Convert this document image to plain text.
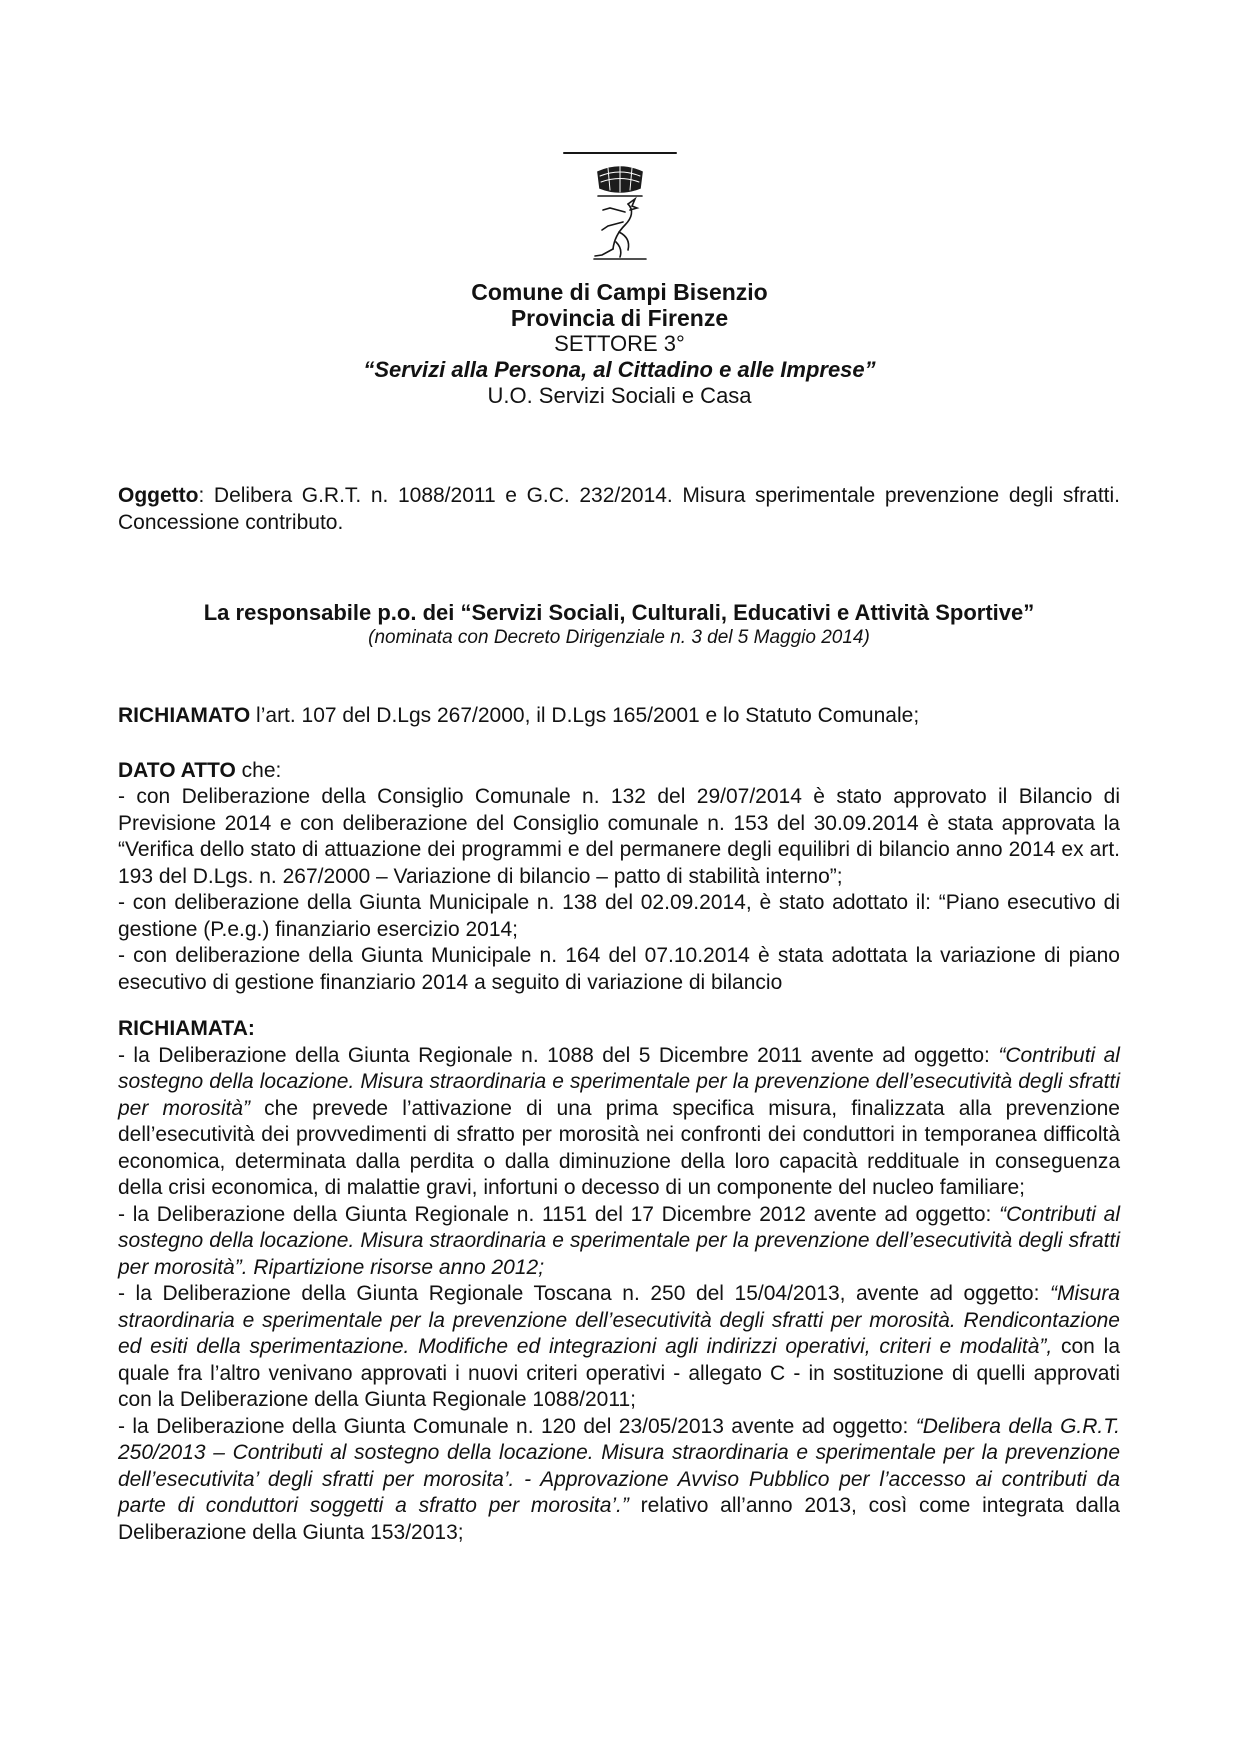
Comune di Campi Bisenzio
Provincia di Firenze
SETTORE 3°
“Servizi alla Persona, al Cittadino e alle Imprese”
U.O. Servizi Sociali e Casa

Oggetto: Delibera G.R.T. n. 1088/2011 e G.C. 232/2014. Misura sperimentale prevenzione degli sfratti. Concessione contributo.

La responsabile p.o. dei “Servizi Sociali, Culturali, Educativi e Attività Sportive”
(nominata con Decreto Dirigenziale n. 3 del 5 Maggio 2014)

RICHIAMATO l’art. 107 del D.Lgs 267/2000, il D.Lgs 165/2001 e lo Statuto Comunale;

DATO ATTO che:

- con Deliberazione della Consiglio Comunale n. 132 del 29/07/2014 è stato approvato il Bilancio di Previsione 2014 e con deliberazione del Consiglio comunale n. 153 del 30.09.2014 è stata approvata la “Verifica dello stato di attuazione dei programmi e del permanere degli equilibri di bilancio anno 2014 ex art. 193 del D.Lgs. n. 267/2000 – Variazione di bilancio – patto di stabilità interno”;

- con deliberazione della Giunta Municipale n. 138 del 02.09.2014, è stato adottato il: “Piano esecutivo di gestione (P.e.g.) finanziario esercizio 2014;

- con deliberazione della Giunta Municipale n. 164 del 07.10.2014 è stata adottata la variazione di piano esecutivo di gestione finanziario 2014 a seguito di variazione di bilancio

RICHIAMATA:

- la Deliberazione della Giunta Regionale n. 1088 del 5 Dicembre 2011 avente ad oggetto: “Contributi al sostegno della locazione. Misura straordinaria e sperimentale per la prevenzione dell’esecutività degli sfratti per morosità” che prevede l’attivazione di una prima specifica misura, finalizzata alla prevenzione dell’esecutività dei provvedimenti di sfratto per morosità nei confronti dei conduttori in temporanea difficoltà economica, determinata dalla perdita o dalla diminuzione della loro capacità reddituale in conseguenza della crisi economica, di malattie gravi, infortuni o decesso di un componente del nucleo familiare;

- la Deliberazione della Giunta Regionale n. 1151 del 17 Dicembre 2012 avente ad oggetto: “Contributi al sostegno della locazione. Misura straordinaria e sperimentale per la prevenzione dell’esecutività degli sfratti per morosità”. Ripartizione risorse anno 2012;

- la Deliberazione della Giunta Regionale Toscana n. 250 del 15/04/2013, avente ad oggetto: “Misura straordinaria e sperimentale per la prevenzione dell’esecutività degli sfratti per morosità. Rendicontazione ed esiti della sperimentazione. Modifiche ed integrazioni agli indirizzi operativi, criteri e modalità”, con la quale fra l’altro venivano approvati i nuovi criteri operativi - allegato C - in sostituzione di quelli approvati con la Deliberazione della Giunta Regionale 1088/2011;

- la Deliberazione della Giunta Comunale n. 120 del 23/05/2013 avente ad oggetto: “Delibera della G.R.T. 250/2013 – Contributi al sostegno della locazione. Misura straordinaria e sperimentale per la prevenzione dell’esecutivita’ degli sfratti per morosita’. - Approvazione Avviso Pubblico per l’accesso ai contributi da parte di conduttori soggetti a sfratto per morosita’.” relativo all’anno 2013, così come integrata dalla Deliberazione della Giunta 153/2013;
